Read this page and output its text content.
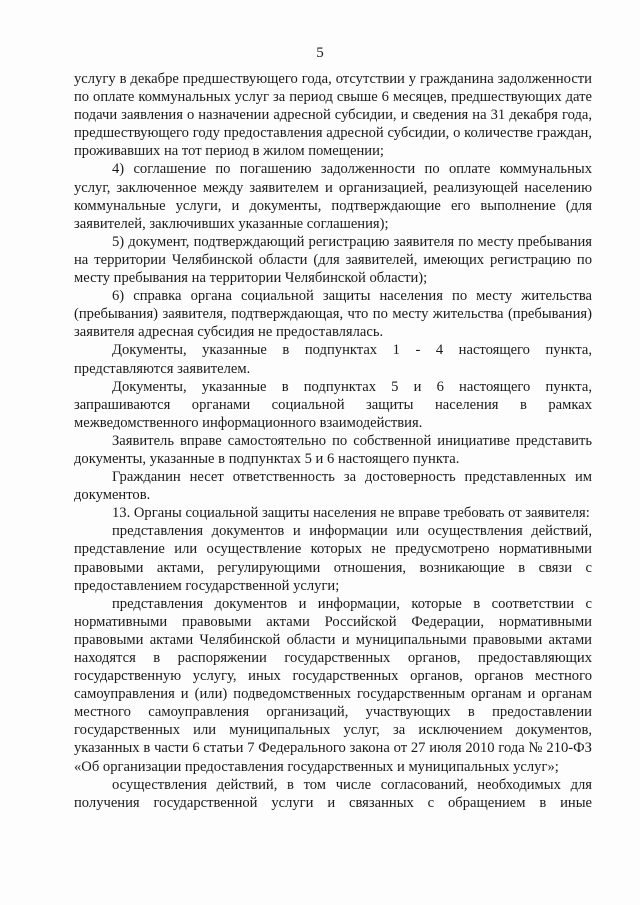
5

услугу в декабре предшествующего года, отсутствии у гражданина задолженности по оплате коммунальных услуг за период свыше 6 месяцев, предшествующих дате подачи заявления о назначении адресной субсидии, и сведения на 31 декабря года, предшествующего году предоставления адресной субсидии, о количестве граждан, проживавших на тот период в жилом помещении;

4) соглашение по погашению задолженности по оплате коммунальных услуг, заключенное между заявителем и организацией, реализующей населению коммунальные услуги, и документы, подтверждающие его выполнение (для заявителей, заключивших указанные соглашения);

5) документ, подтверждающий регистрацию заявителя по месту пребывания на территории Челябинской области (для заявителей, имеющих регистрацию по месту пребывания на территории Челябинской области);

6) справка органа социальной защиты населения по месту жительства (пребывания) заявителя, подтверждающая, что по месту жительства (пребывания) заявителя адресная субсидия не предоставлялась.

Документы, указанные в подпунктах 1 - 4 настоящего пункта, представляются заявителем.

Документы, указанные в подпунктах 5 и 6 настоящего пункта, запрашиваются органами социальной защиты населения в рамках межведомственного информационного взаимодействия.

Заявитель вправе самостоятельно по собственной инициативе представить документы, указанные в подпунктах 5 и 6 настоящего пункта.

Гражданин несет ответственность за достоверность представленных им документов.

13. Органы социальной защиты населения не вправе требовать от заявителя:

представления документов и информации или осуществления действий, представление или осуществление которых не предусмотрено нормативными правовыми актами, регулирующими отношения, возникающие в связи с предоставлением государственной услуги;

представления документов и информации, которые в соответствии с нормативными правовыми актами Российской Федерации, нормативными правовыми актами Челябинской области и муниципальными правовыми актами находятся в распоряжении государственных органов, предоставляющих государственную услугу, иных государственных органов, органов местного самоуправления и (или) подведомственных государственным органам и органам местного самоуправления организаций, участвующих в предоставлении государственных или муниципальных услуг, за исключением документов, указанных в части 6 статьи 7 Федерального закона от 27 июля 2010 года № 210-ФЗ «Об организации предоставления государственных и муниципальных услуг»;

осуществления действий, в том числе согласований, необходимых для получения государственной услуги и связанных с обращением в иные
